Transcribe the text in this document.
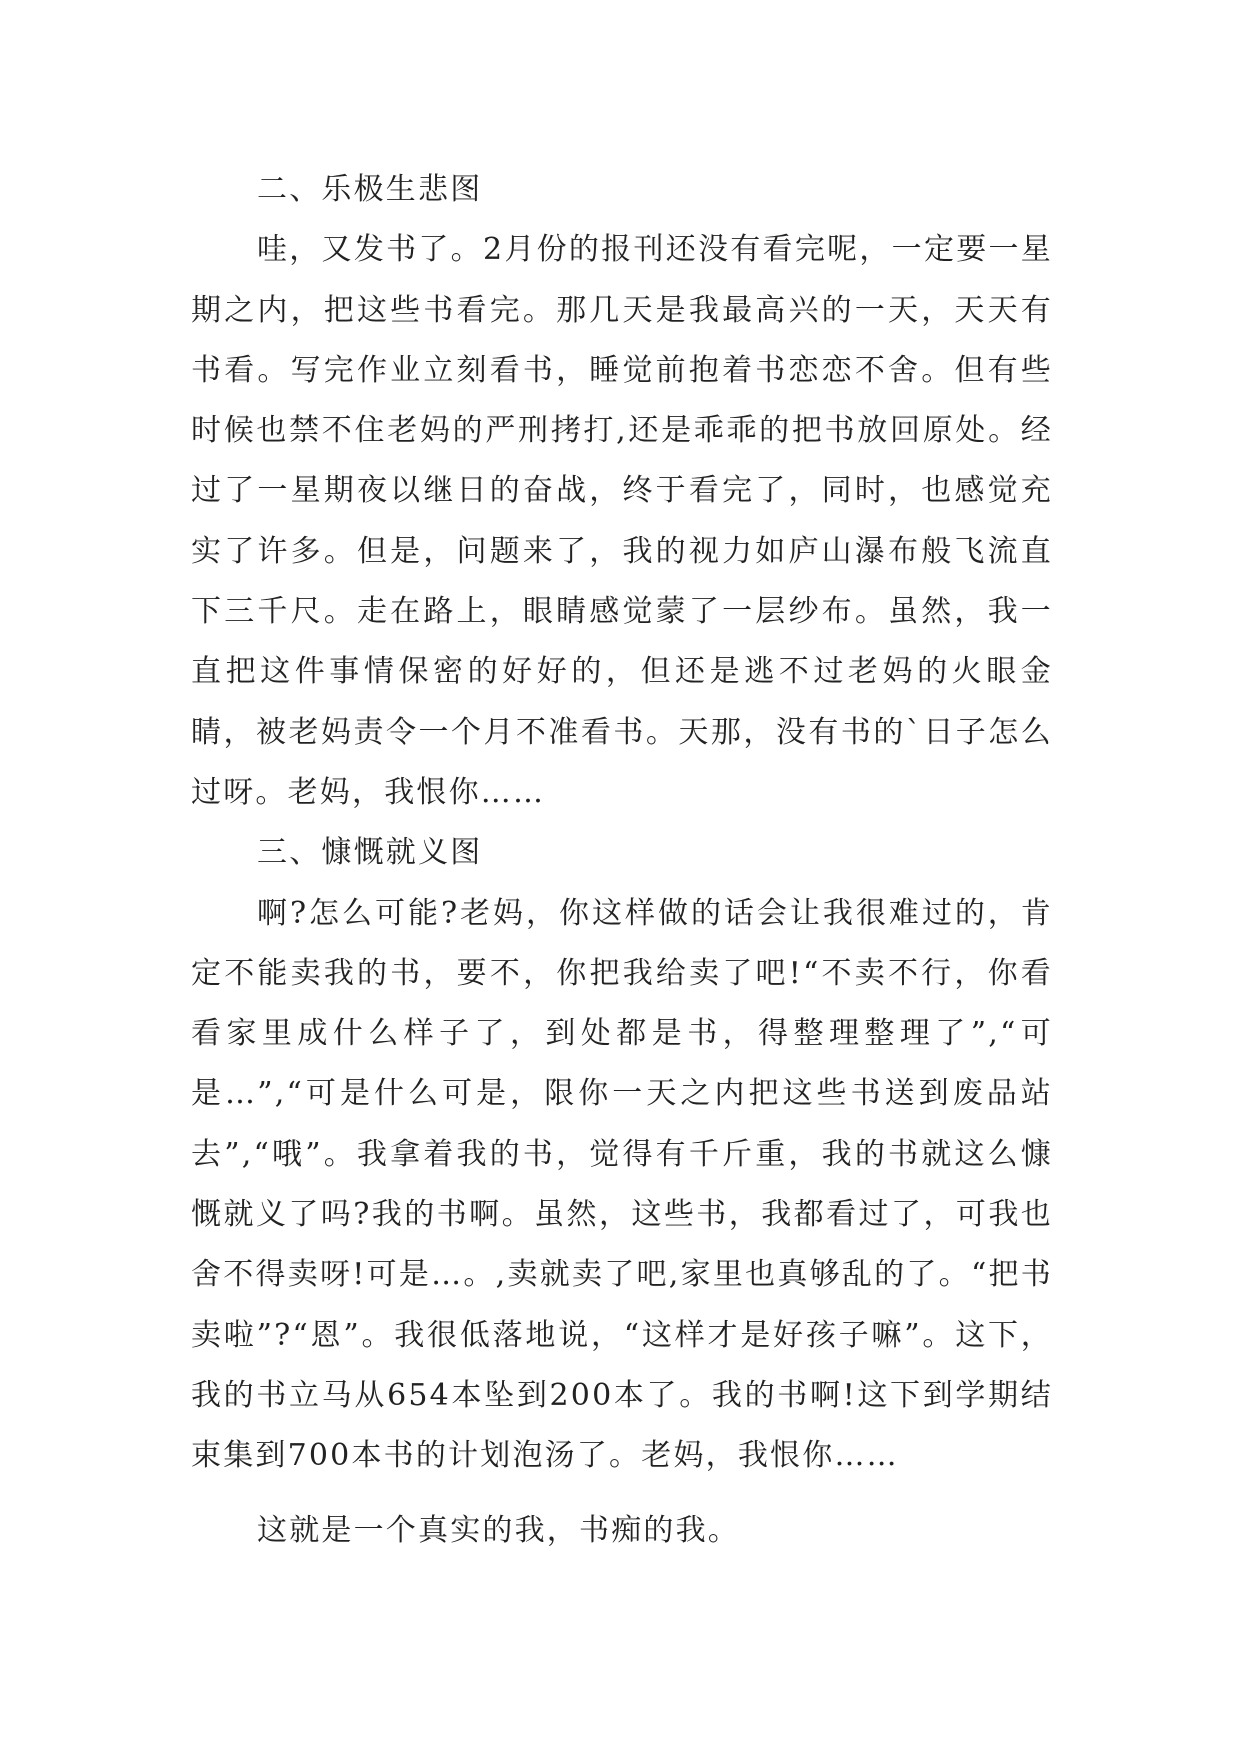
二、乐极生悲图

哇，又发书了。2月份的报刊还没有看完呢，一定要一星期之内，把这些书看完。那几天是我最高兴的一天，天天有书看。写完作业立刻看书，睡觉前抱着书恋恋不舍。但有些时候也禁不住老妈的严刑拷打,还是乖乖的把书放回原处。经过了一星期夜以继日的奋战，终于看完了，同时，也感觉充实了许多。但是，问题来了，我的视力如庐山瀑布般飞流直下三千尺。走在路上，眼睛感觉蒙了一层纱布。虽然，我一直把这件事情保密的好好的，但还是逃不过老妈的火眼金睛，被老妈责令一个月不准看书。天那，没有书的`日子怎么过呀。老妈，我恨你……

三、慷慨就义图

啊?怎么可能?老妈，你这样做的话会让我很难过的，肯定不能卖我的书，要不，你把我给卖了吧!“不卖不行，你看看家里成什么样子了，到处都是书，得整理整理了”,“可是…”,“可是什么可是，限你一天之内把这些书送到废品站去”,“哦”。我拿着我的书，觉得有千斤重，我的书就这么慷慨就义了吗?我的书啊。虽然，这些书，我都看过了，可我也舍不得卖呀!可是…。,卖就卖了吧,家里也真够乱的了。“把书卖啦”?“恩”。我很低落地说，“这样才是好孩子嘛”。这下，我的书立马从654本坠到200本了。我的书啊!这下到学期结束集到700本书的计划泡汤了。老妈，我恨你……

这就是一个真实的我，书痴的我。
